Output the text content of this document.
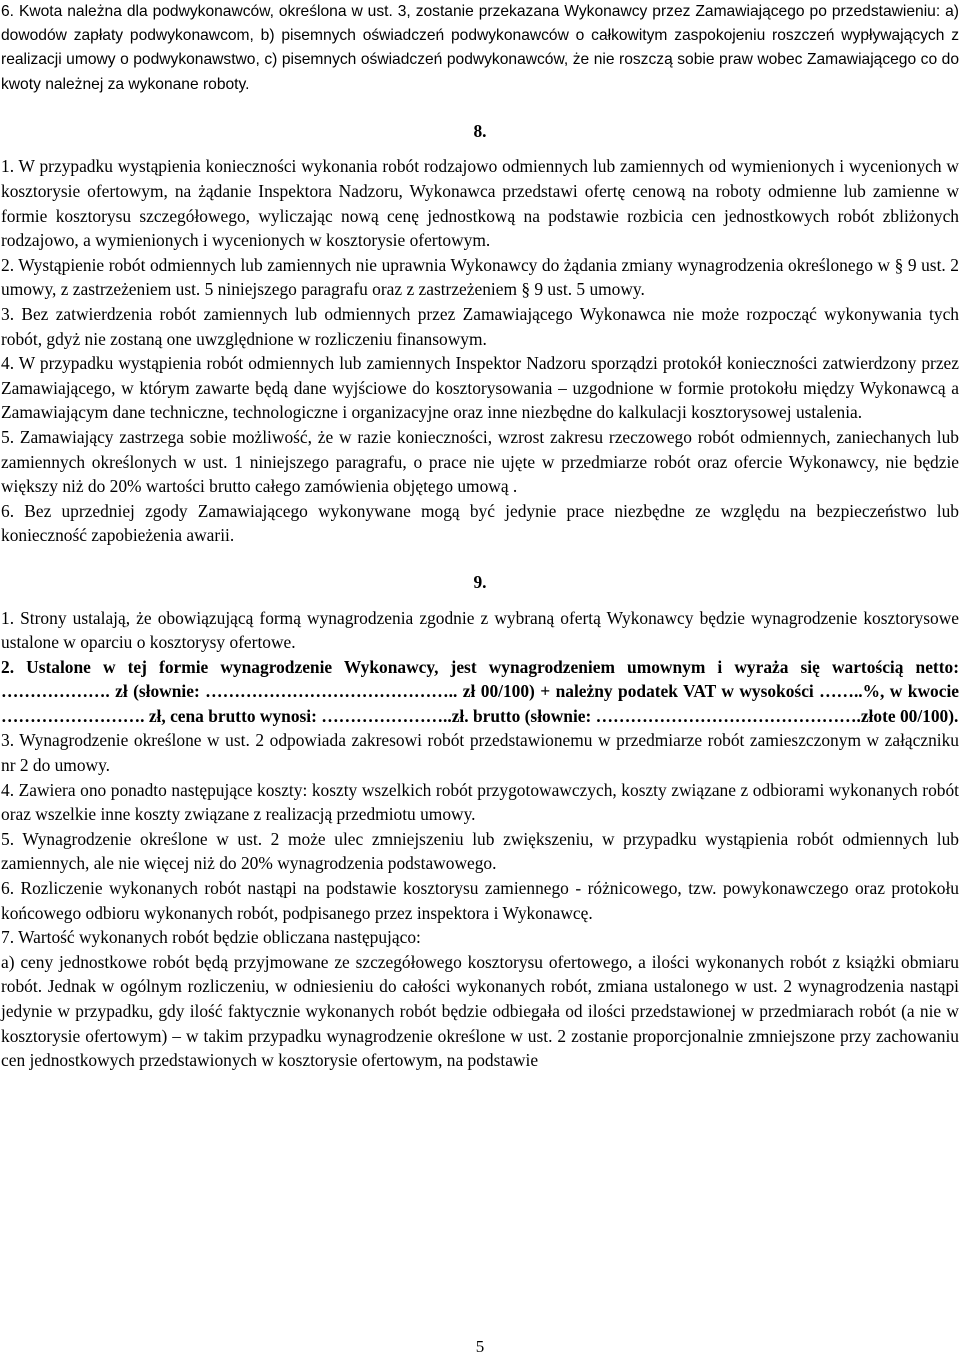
6. Kwota należna dla podwykonawców, określona w ust. 3, zostanie przekazana Wykonawcy przez Zamawiającego po przedstawieniu: a) dowodów zapłaty podwykonawcom, b) pisemnych oświadczeń podwykonawców o całkowitym zaspokojeniu roszczeń wypływających z realizacji umowy o podwykonawstwo, c) pisemnych oświadczeń podwykonawców, że nie roszczą sobie praw wobec Zamawiającego co do kwoty należnej za wykonane roboty.

8.

1. W przypadku wystąpienia konieczności wykonania robót rodzajowo odmiennych lub zamiennych od wymienionych i wycenionych w kosztorysie ofertowym, na żądanie Inspektora Nadzoru, Wykonawca przedstawi ofertę cenową na roboty odmienne lub zamienne w formie kosztorysu szczegółowego, wyliczając nową cenę jednostkową na podstawie rozbicia cen jednostkowych robót zbliżonych rodzajowo, a wymienionych i wycenionych w kosztorysie ofertowym.

2. Wystąpienie robót odmiennych lub zamiennych nie uprawnia Wykonawcy do żądania zmiany wynagrodzenia określonego w § 9 ust. 2 umowy, z zastrzeżeniem ust. 5 niniejszego paragrafu oraz z zastrzeżeniem § 9 ust. 5 umowy.

3. Bez zatwierdzenia robót zamiennych lub odmiennych przez Zamawiającego Wykonawca nie może rozpocząć wykonywania tych robót, gdyż nie zostaną one uwzględnione w rozliczeniu finansowym.

4. W przypadku wystąpienia robót odmiennych lub zamiennych Inspektor Nadzoru sporządzi protokół konieczności zatwierdzony przez Zamawiającego, w którym zawarte będą dane wyjściowe do kosztorysowania – uzgodnione w formie protokołu między Wykonawcą a Zamawiającym dane techniczne, technologiczne i organizacyjne oraz inne niezbędne do kalkulacji kosztorysowej ustalenia.

5. Zamawiający zastrzega sobie możliwość, że w razie konieczności, wzrost zakresu rzeczowego robót odmiennych, zaniechanych lub zamiennych określonych w ust. 1 niniejszego paragrafu, o prace nie ujęte w przedmiarze robót oraz ofercie Wykonawcy, nie będzie większy niż do 20% wartości brutto całego zamówienia objętego umową .

6. Bez uprzedniej zgody Zamawiającego wykonywane mogą być jedynie prace niezbędne ze względu na bezpieczeństwo lub konieczność zapobieżenia awarii.

9.

1. Strony ustalają, że obowiązującą formą wynagrodzenia zgodnie z wybraną ofertą Wykonawcy będzie wynagrodzenie kosztorysowe ustalone w oparciu o kosztorysy ofertowe.

2. Ustalone w tej formie wynagrodzenie Wykonawcy, jest wynagrodzeniem umownym i wyraża się wartością netto: ………………. zł (słownie: …………………………………….. zł 00/100) + należny podatek VAT w wysokości ……..%, w kwocie ……………………. zł, cena brutto wynosi: …………………..zł. brutto (słownie: ……………………………………….złote 00/100).

3. Wynagrodzenie określone w ust. 2 odpowiada zakresowi robót przedstawionemu w przedmiarze robót zamieszczonym w załączniku nr 2 do umowy.

4. Zawiera ono ponadto następujące koszty: koszty wszelkich robót przygotowawczych, koszty związane z odbiorami wykonanych robót oraz wszelkie inne koszty związane z realizacją przedmiotu umowy.

5. Wynagrodzenie określone w ust. 2 może ulec zmniejszeniu lub zwiększeniu, w przypadku wystąpienia robót odmiennych lub zamiennych, ale nie więcej niż do 20% wynagrodzenia podstawowego.

6. Rozliczenie wykonanych robót nastąpi na podstawie kosztorysu zamiennego - różnicowego, tzw. powykonawczego oraz protokołu końcowego odbioru wykonanych robót, podpisanego przez inspektora i Wykonawcę.

7. Wartość wykonanych robót będzie obliczana następująco:

a) ceny jednostkowe robót będą przyjmowane ze szczegółowego kosztorysu ofertowego, a ilości wykonanych robót z książki obmiaru robót. Jednak w ogólnym rozliczeniu, w odniesieniu do całości wykonanych robót, zmiana ustalonego w ust. 2 wynagrodzenia nastąpi jedynie w przypadku, gdy ilość faktycznie wykonanych robót będzie odbiegała od ilości przedstawionej w przedmiarach robót (a nie w kosztorysie ofertowym) – w takim przypadku wynagrodzenie określone w ust. 2 zostanie proporcjonalnie zmniejszone przy zachowaniu cen jednostkowych przedstawionych w kosztorysie ofertowym, na podstawie

5
